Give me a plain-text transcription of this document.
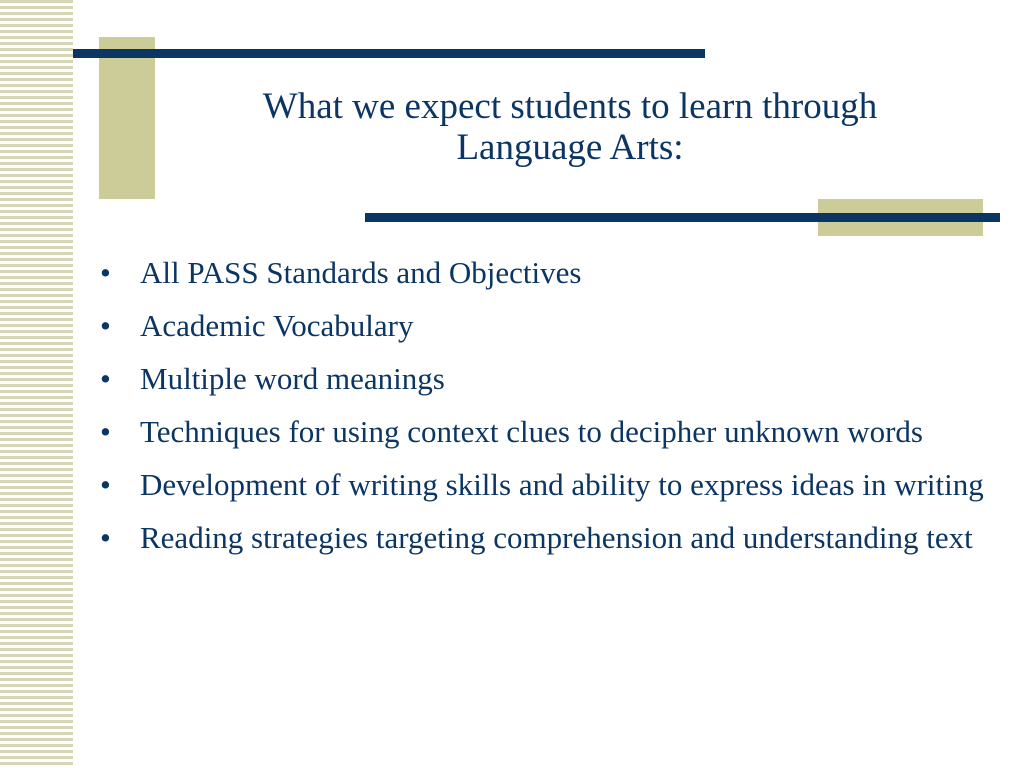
What we expect students to learn through
Language Arts:
• All PASS Standards and Objectives
• Academic Vocabulary
• Multiple word meanings
• Techniques for using context clues to decipher unknown words
• Development of writing skills and ability to express ideas in writing
• Reading strategies targeting comprehension and understanding text
